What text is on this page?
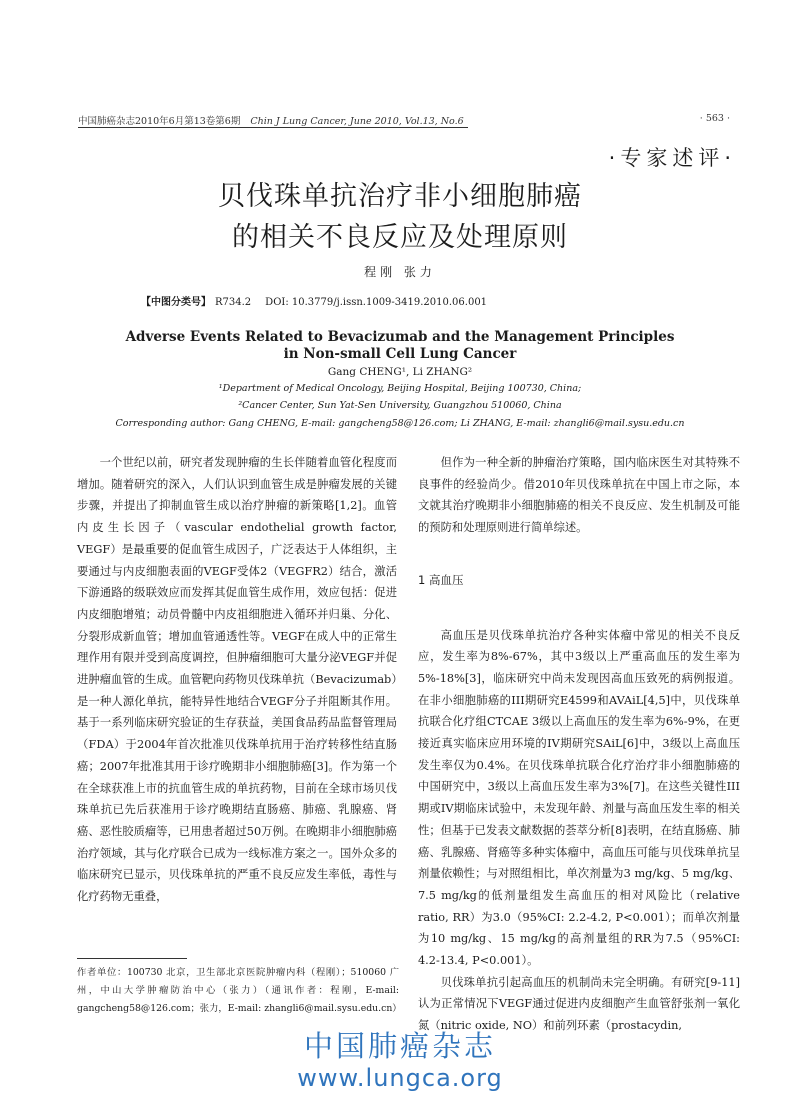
中国肺癌杂志2010年6月第13卷第6期 Chin J Lung Cancer, June 2010, Vol.13, No.6	· 563 ·
·专家述评·
贝伐珠单抗治疗非小细胞肺癌
的相关不良反应及处理原则
程刚 张力
【中图分类号】 R734.2 DOI: 10.3779/j.issn.1009-3419.2010.06.001
Adverse Events Related to Bevacizumab and the Management Principles
in Non-small Cell Lung Cancer
Gang CHENG¹, Li ZHANG²
¹Department of Medical Oncology, Beijing Hospital, Beijing 100730, China;
²Cancer Center, Sun Yat-Sen University, Guangzhou 510060, China
Corresponding author: Gang CHENG, E-mail: gangcheng58@126.com; Li ZHANG, E-mail: zhangli6@mail.sysu.edu.cn

一个世纪以前，研究者发现肿瘤的生长伴随着血管化程度而增加。随着研究的深入，人们认识到血管生成是肿瘤发展的关键步骤，并提出了抑制血管生成以治疗肿瘤的新策略[1,2]。血管内皮生长因子（vascular endothelial growth factor, VEGF）是最重要的促血管生成因子，广泛表达于人体组织，主要通过与内皮细胞表面的VEGF受体2（VEGFR2）结合，激活下游通路的级联效应而发挥其促血管生成作用，效应包括：促进内皮细胞增殖；动员骨髓中内皮祖细胞进入循环并归巢、分化、分裂形成新血管；增加血管通透性等。VEGF在成人中的正常生理作用有限并受到高度调控，但肿瘤细胞可大量分泌VEGF并促进肿瘤血管的生成。血管靶向药物贝伐珠单抗（Bevacizumab）是一种人源化单抗，能特异性地结合VEGF分子并阻断其作用。基于一系列临床研究验证的生存获益，美国食品药品监督管理局（FDA）于2004年首次批准贝伐珠单抗用于治疗转移性结直肠癌；2007年批准其用于诊疗晚期非小细胞肺癌[3]。作为第一个在全球获准上市的抗血管生成的单抗药物，目前在全球市场贝伐珠单抗已先后获准用于诊疗晚期结直肠癌、肺癌、乳腺癌、肾癌、恶性胶质瘤等，已用患者超过50万例。在晚期非小细胞肺癌治疗领域，其与化疗联合已成为一线标准方案之一。国外众多的临床研究已显示，贝伐珠单抗的严重不良反应发生率低，毒性与化疗药物无重叠，

但作为一种全新的肿瘤治疗策略，国内临床医生对其特殊不良事件的经验尚少。借2010年贝伐珠单抗在中国上市之际，本文就其治疗晚期非小细胞肺癌的相关不良反应、发生机制及可能的预防和处理原则进行简单综述。

1 高血压

高血压是贝伐珠单抗治疗各种实体瘤中常见的相关不良反应，发生率为8%-67%，其中3级以上严重高血压的发生率为5%-18%[3]，临床研究中尚未发现因高血压致死的病例报道。在非小细胞肺癌的III期研究E4599和AVAiL[4,5]中，贝伐珠单抗联合化疗组CTCAE 3级以上高血压的发生率为6%-9%，在更接近真实临床应用环境的IV期研究SAiL[6]中，3级以上高血压发生率仅为0.4%。在贝伐珠单抗联合化疗治疗非小细胞肺癌的中国研究中，3级以上高血压发生率为3%[7]。在这些关键性III期或IV期临床试验中，未发现年龄、剂量与高血压发生率的相关性；但基于已发表文献数据的荟萃分析[8]表明，在结直肠癌、肺癌、乳腺癌、肾癌等多种实体瘤中，高血压可能与贝伐珠单抗呈剂量依赖性；与对照组相比，单次剂量为3 mg/kg、5 mg/kg、7.5 mg/kg的低剂量组发生高血压的相对风险比（relative ratio, RR）为3.0（95%CI: 2.2-4.2, P<0.001）；而单次剂量为10 mg/kg、15 mg/kg的高剂量组的RR为7.5（95%CI: 4.2-13.4, P<0.001）。

贝伐珠单抗引起高血压的机制尚未完全明确。有研究[9-11]认为正常情况下VEGF通过促进内皮细胞产生血管舒张剂一氧化氮（nitric oxide, NO）和前列环素（prostacydin,

作者单位：100730 北京，卫生部北京医院肿瘤内科（程刚）；510060 广州，中山大学肿瘤防治中心（张力）（通讯作者：程刚，E-mail: gangcheng58@126.com；张力，E-mail: zhangli6@mail.sysu.edu.cn）
中国肺癌杂志
www.lungca.org
